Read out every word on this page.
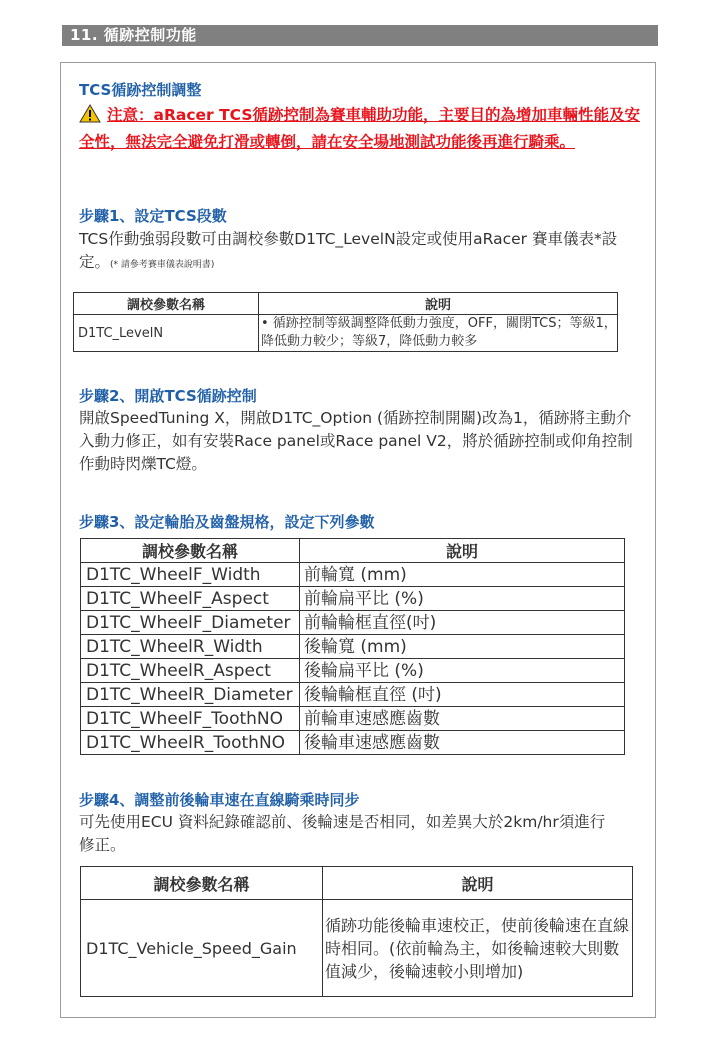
11. 循跡控制功能
TCS循跡控制調整
注意：aRacer TCS循跡控制為賽車輔助功能，主要目的為增加車輛性能及安全性，無法完全避免打滑或轉倒，請在安全場地測試功能後再進行騎乘。
步驟1、設定TCS段數
TCS作動強弱段數可由調校參數D1TC_LevelN設定或使用aRacer 賽車儀表*設定。(* 請參考賽車儀表說明書)
調校參數名稱	說明
D1TC_LevelN	• 循跡控制等級調整降低動力強度，OFF，關閉TCS；等級1，降低動力較少；等級7，降低動力較多
步驟2、開啟TCS循跡控制
開啟SpeedTuning X，開啟D1TC_Option (循跡控制開關)改為1，循跡將主動介入動力修正，如有安裝Race panel或Race panel V2，將於循跡控制或仰角控制作動時閃爍TC燈。
步驟3、設定輪胎及齒盤規格，設定下列參數
調校參數名稱	說明
D1TC_WheelF_Width	前輪寬 (mm)
D1TC_WheelF_Aspect	前輪扁平比 (%)
D1TC_WheelF_Diameter	前輪輪框直徑(吋)
D1TC_WheelR_Width	後輪寬 (mm)
D1TC_WheelR_Aspect	後輪扁平比 (%)
D1TC_WheelR_Diameter	後輪輪框直徑 (吋)
D1TC_WheelF_ToothNO	前輪車速感應齒數
D1TC_WheelR_ToothNO	後輪車速感應齒數
步驟4、調整前後輪車速在直線騎乘時同步
可先使用ECU 資料紀錄確認前、後輪速是否相同，如差異大於2km/hr須進行修正。
調校參數名稱	說明
D1TC_Vehicle_Speed_Gain	循跡功能後輪車速校正，使前後輪速在直線時相同。(依前輪為主，如後輪速較大則數值減少，後輪速較小則增加)
